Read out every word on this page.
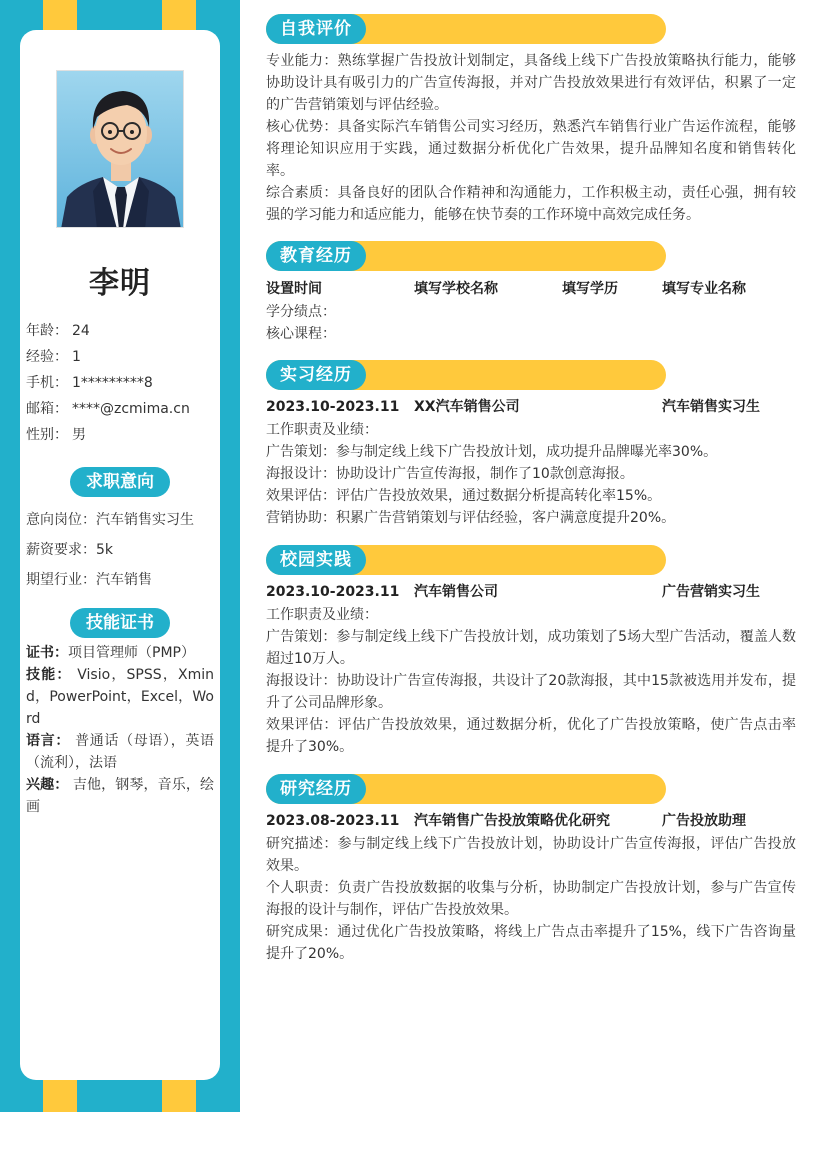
李明
年龄： 24
经验： 1
手机： 1*********8
邮箱： ****@zcmima.cn
性别： 男
求职意向
意向岗位：汽车销售实习生
薪资要求：5k
期望行业：汽车销售
技能证书

证书：项目管理师（PMP）

技能： Visio，SPSS，Xmind，PowerPoint，Excel，Word

语言： 普通话（母语），英语（流利），法语

兴趣： 吉他，钢琴，音乐，绘画

自我评价

专业能力：熟练掌握广告投放计划制定，具备线上线下广告投放策略执行能力，能够协助设计具有吸引力的广告宣传海报，并对广告投放效果进行有效评估，积累了一定的广告营销策划与评估经验。

核心优势：具备实际汽车销售公司实习经历，熟悉汽车销售行业广告运作流程，能够将理论知识应用于实践，通过数据分析优化广告效果，提升品牌知名度和销售转化率。

综合素质：具备良好的团队合作精神和沟通能力，工作积极主动，责任心强，拥有较强的学习能力和适应能力，能够在快节奏的工作环境中高效完成任务。

教育经历
设置时间	填写学校名称	填写学历	填写专业名称

学分绩点：

核心课程：

实习经历
2023.10-2023.11 XX汽车销售公司	汽车销售实习生

工作职责及业绩：

广告策划：参与制定线上线下广告投放计划，成功提升品牌曝光率30%。

海报设计：协助设计广告宣传海报，制作了10款创意海报。

效果评估：评估广告投放效果，通过数据分析提高转化率15%。

营销协助：积累广告营销策划与评估经验，客户满意度提升20%。

校园实践
2023.10-2023.11 汽车销售公司	广告营销实习生

工作职责及业绩：

广告策划：参与制定线上线下广告投放计划，成功策划了5场大型广告活动，覆盖人数超过10万人。

海报设计：协助设计广告宣传海报，共设计了20款海报，其中15款被选用并发布，提升了公司品牌形象。

效果评估：评估广告投放效果，通过数据分析，优化了广告投放策略，使广告点击率提升了30%。

研究经历
2023.08-2023.11 汽车销售广告投放策略优化研究	广告投放助理

研究描述：参与制定线上线下广告投放计划，协助设计广告宣传海报，评估广告投放效果。

个人职责：负责广告投放数据的收集与分析，协助制定广告投放计划，参与广告宣传海报的设计与制作，评估广告投放效果。

研究成果：通过优化广告投放策略，将线上广告点击率提升了15%，线下广告咨询量提升了20%。
